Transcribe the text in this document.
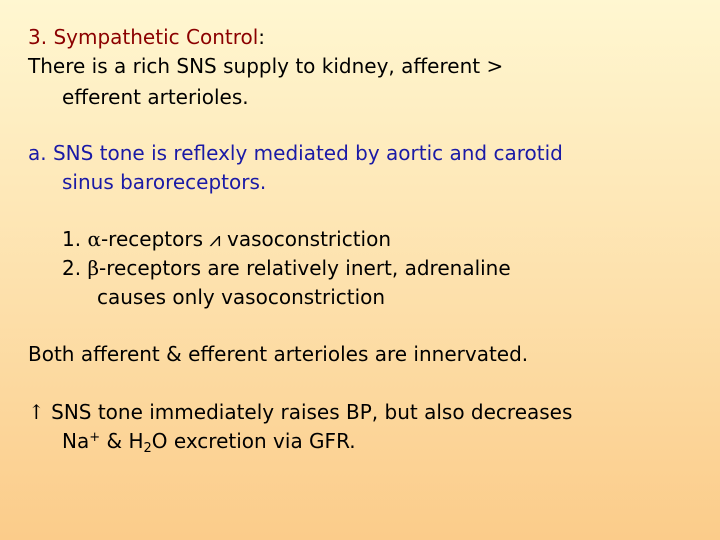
3. Sympathetic Control:
There is a rich SNS supply to kidney, afferent >
efferent arterioles.
a. SNS tone is reflexly mediated by aortic and carotid
sinus baroreceptors.
1. α-receptors ⩘ vasoconstriction
2. β-receptors are relatively inert, adrenaline
causes only vasoconstriction
Both afferent & efferent arterioles are innervated.
↑ SNS tone immediately raises BP, but also decreases
Na+ & $H_2O$ excretion via GFR.
